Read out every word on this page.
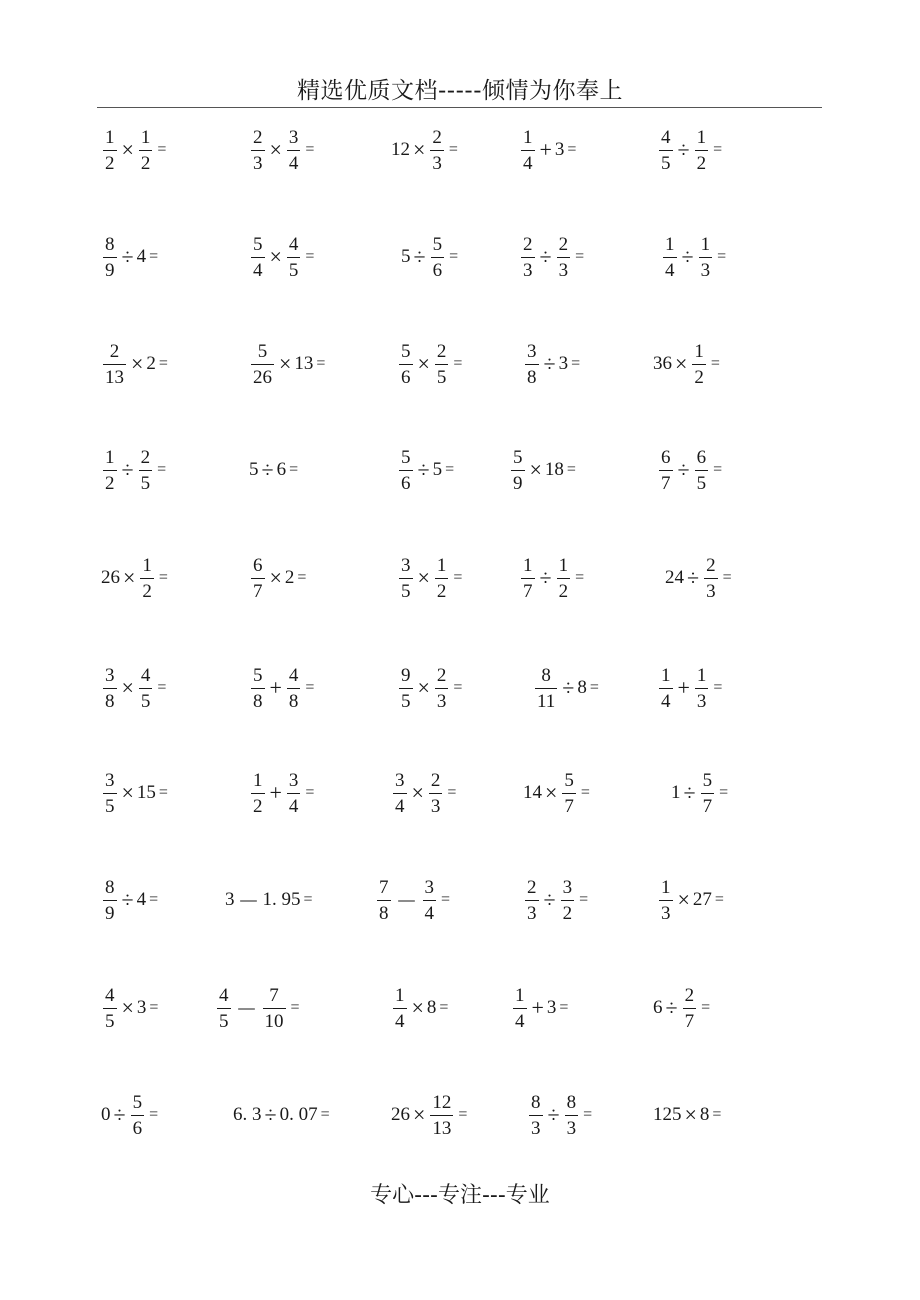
精选优质文档-----倾情为你奉上
$\frac{1}{2} \times \frac{1}{2}$ =	$\frac{2}{3} \times \frac{3}{4}$ =	$12 \times \frac{2}{3}$ =	$\frac{1}{4} + 3$ =	$\frac{4}{5} \div \frac{1}{2}$ =
$\frac{8}{9} \div 4$ =	$\frac{5}{4} \times \frac{4}{5}$ =	$5 \div \frac{5}{6}$ =	$\frac{2}{3} \div \frac{2}{3}$ =	$\frac{1}{4} \div \frac{1}{3}$ =
$\frac{2}{13} \times 2$ =	$\frac{5}{26} \times 13$ =	$\frac{5}{6} \times \frac{2}{5}$ =	$\frac{3}{8} \div 3$ =	$36 \times \frac{1}{2}$ =
$\frac{1}{2} \div \frac{2}{5}$ =	5 ÷ 6 =	$\frac{5}{6} \div 5$ =	$\frac{5}{9} \times 18$ =	$\frac{6}{7} \div \frac{6}{5}$ =
$26 \times \frac{1}{2}$ =	$\frac{6}{7} \times 2$ =	$\frac{3}{5} \times \frac{1}{2}$ =	$\frac{1}{7} \div \frac{1}{2}$ =	$24 \div \frac{2}{3}$ =
$\frac{3}{8} \times \frac{4}{5}$ =	$\frac{5}{8} + \frac{4}{8}$ =	$\frac{9}{5} \times \frac{2}{3}$ =	$\frac{8}{11} \div 8$ =	$\frac{1}{4} + \frac{1}{3}$ =
$\frac{3}{5} \times 15$ =	$\frac{1}{2} + \frac{3}{4}$ =	$\frac{3}{4} \times \frac{2}{3}$ =	$14 \times \frac{5}{7}$ =	$1 \div \frac{5}{7}$ =
$\frac{8}{9} \div 4$ =	3 － 1. 95 =	$\frac{7}{8} - \frac{3}{4}$ =	$\frac{2}{3} \div \frac{3}{2}$ =	$\frac{1}{3} \times 27$ =
$\frac{4}{5} \times 3$ =	$\frac{4}{5} - \frac{7}{10}$ =	$\frac{1}{4} \times 8$ =	$\frac{1}{4} + 3$ =	$6 \div \frac{2}{7}$ =
$0 \div \frac{5}{6}$ =	6. 3 ÷ 0. 07 =	$26 \times \frac{12}{13}$ =	$\frac{8}{3} \div \frac{8}{3}$ =	125 × 8 =
专心---专注---专业
